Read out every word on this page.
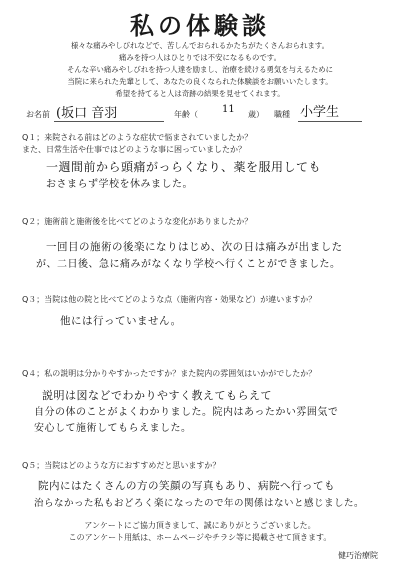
私の体験談
様々な痛みやしびれなどで、苦しんでおられるかたちがたくさんおられます。
痛みを持つ人はひとりでは不安になるものです。
そんな辛い痛みやしびれを持つ人達を励まし、治療を続ける勇気を与えるために
当院に来られた先輩として、あなたの良くなられた体験談をお願いいたします。
希望を持てると人は奇跡の結果を見せてくれます。
お名前 (坂口 音羽	年齢（ 11 歳） 職種 小学生
Q１；来院される前はどのような症状で悩まされていましたか？
また、日常生活や仕事ではどのような事に困っていましたか？
一週間前から頭痛がっらくなり、薬を服用しても
おさまらず学校を休みました。
Q２；施術前と施術後を比べてどのような変化がありましたか？
一回目の施術の後楽になりはじめ、次の日は痛みが出ました
が、二日後、急に痛みがなくなり学校へ行くことができました。
Q３；当院は他の院と比べてどのような点（施術内容・効果など）が違いますか？
他には行っていません。
Q４；私の説明は分かりやすかったですか？また院内の雰囲気はいかがでしたか？
説明は図などでわかりやすく教えてもらえて
自分の体のことがよくわかりました。院内はあったかい雰囲気で
安心して施術してもらえました。
Q５；当院はどのような方におすすめだと思いますか？
院内にはたくさんの方の笑顔の写真もあり、病院へ行っても
治らなかった私もおどろく楽になったので年の関係はないと感じました。
アンケートにご協力頂きまして、誠にありがとうございました。
このアンケート用紙は、ホームページやチラシ等に掲載させて頂きます。
健巧治療院
